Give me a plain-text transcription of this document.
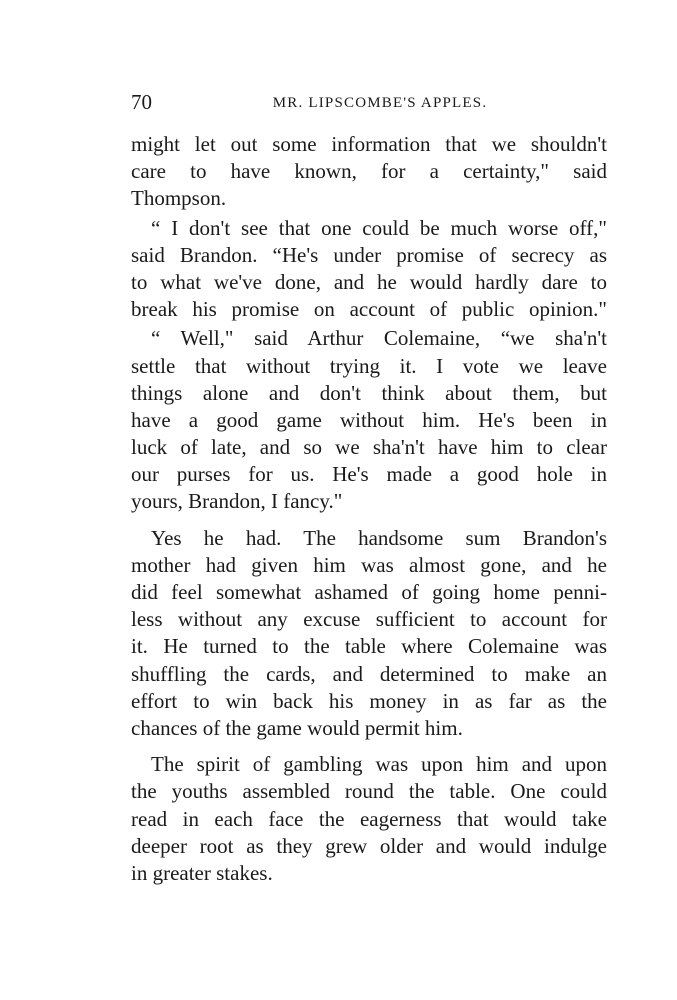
70	MR. LIPSCOMBE'S APPLES.
might let out some information that we shouldn't
care to have known, for a certainty," said
Thompson.
“ I don't see that one could be much worse off,"
said Brandon. “He's under promise of secrecy as
to what we've done, and he would hardly dare to
break his promise on account of public opinion."
“ Well," said Arthur Colemaine, “we sha'n't
settle that without trying it. I vote we leave
things alone and don't think about them, but
have a good game without him. He's been in
luck of late, and so we sha'n't have him to clear
our purses for us. He's made a good hole in
yours, Brandon, I fancy."
Yes he had. The handsome sum Brandon's
mother had given him was almost gone, and he
did feel somewhat ashamed of going home penni-
less without any excuse sufficient to account for
it. He turned to the table where Colemaine was
shuffling the cards, and determined to make an
effort to win back his money in as far as the
chances of the game would permit him.
The spirit of gambling was upon him and upon
the youths assembled round the table. One could
read in each face the eagerness that would take
deeper root as they grew older and would indulge
in greater stakes.
